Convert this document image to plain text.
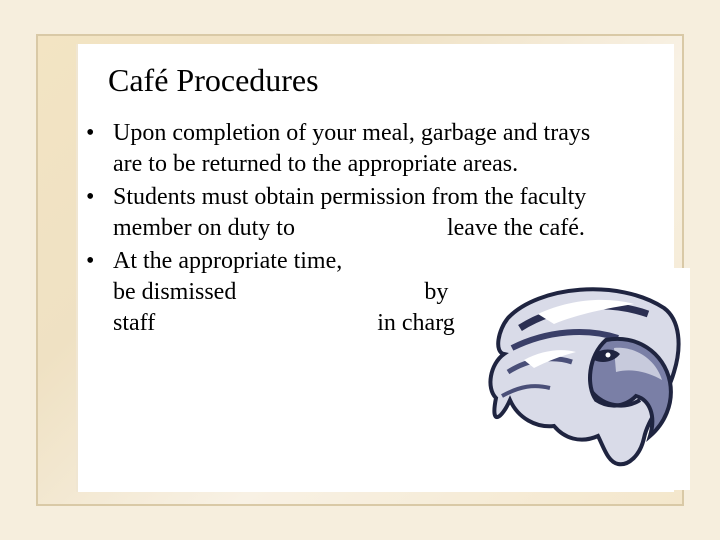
Café Procedures
• Upon completion of your meal, garbage and trays
are to be returned to the appropriate areas.
• Students must obtain permission from the faculty
member on duty to	leave the café.
• At the appropriate time,
be dismissed	by
staff	in charg
